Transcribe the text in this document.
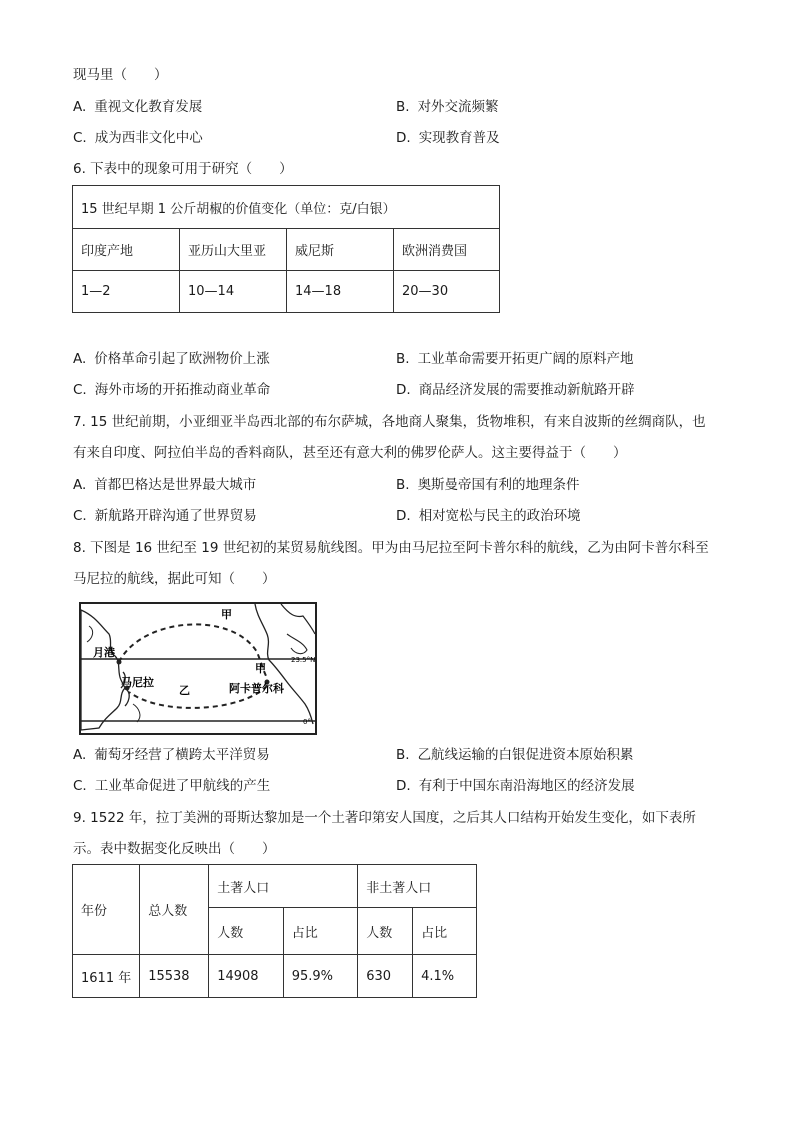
现马里（　　）
A. 重视文化教育发展	B. 对外交流频繁
C. 成为西非文化中心	D. 实现教育普及
6. 下表中的现象可用于研究（　　）
15 世纪早期 1 公斤胡椒的价值变化（单位：克/白银）			
印度产地	亚历山大里亚	威尼斯	欧洲消费国
1—2	10—14	14—18	20—30
A. 价格革命引起了欧洲物价上涨	B. 工业革命需要开拓更广阔的原料产地
C. 海外市场的开拓推动商业革命	D. 商品经济发展的需要推动新航路开辟
7. 15 世纪前期，小亚细亚半岛西北部的布尔萨城，各地商人聚集，货物堆积，有来自波斯的丝绸商队，也
有来自印度、阿拉伯半岛的香料商队，甚至还有意大利的佛罗伦萨人。这主要得益于（　　）
A. 首都巴格达是世界最大城市	B. 奥斯曼帝国有利的地理条件
C. 新航路开辟沟通了世界贸易	D. 相对宽松与民主的政治环境
8. 下图是 16 世纪至 19 世纪初的某贸易航线图。甲为由马尼拉至阿卡普尔科的航线，乙为由阿卡普尔科至
马尼拉的航线，据此可知（　　）
甲
月港
马尼拉
乙
甲
阿卡普尔科
23.5°N
0°
A. 葡萄牙经营了横跨太平洋贸易	B. 乙航线运输的白银促进资本原始积累
C. 工业革命促进了甲航线的产生	D. 有利于中国东南沿海地区的经济发展
9. 1522 年，拉丁美洲的哥斯达黎加是一个土著印第安人国度，之后其人口结构开始发生变化，如下表所
示。表中数据变化反映出（　　）
年份	总人数	土著人口		非土著人口	
		人数	占比	人数	占比
1611 年	15538	14908	95.9%	630	4.1%
